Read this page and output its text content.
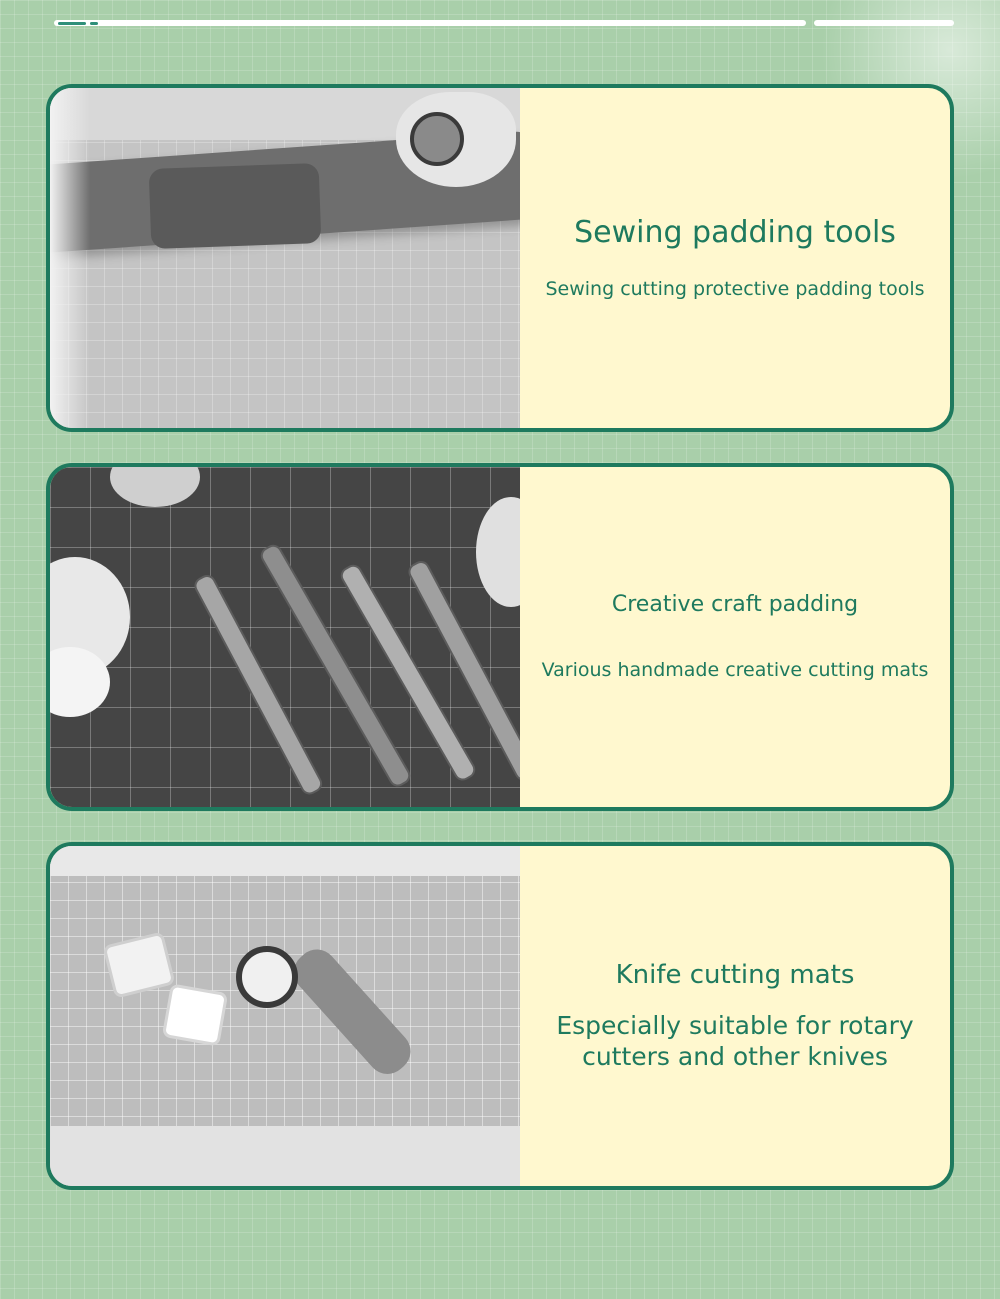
Sewing padding tools

Sewing cutting protective padding tools

Creative craft padding

Various handmade creative cutting mats

Knife cutting mats

Especially suitable for rotary cutters and other knives
